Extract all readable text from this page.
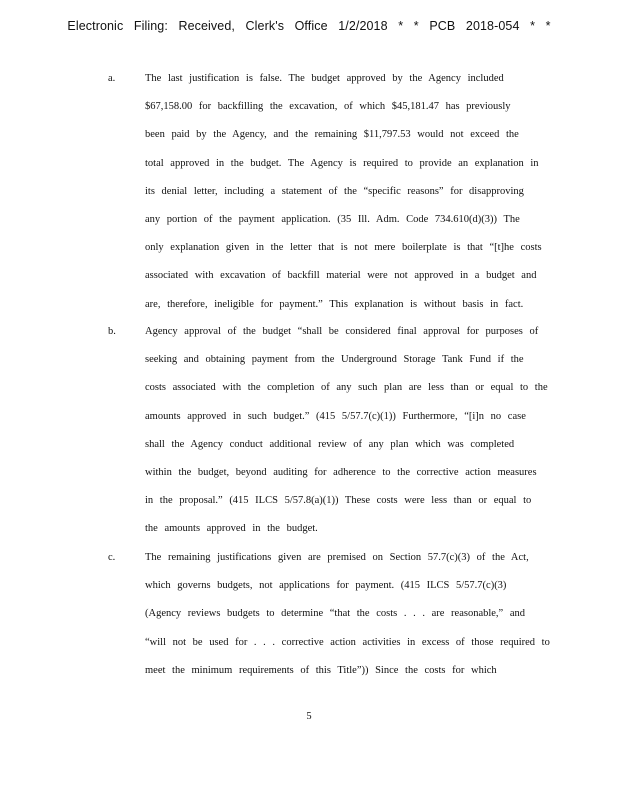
Electronic Filing: Received, Clerk's Office 1/2/2018 * * PCB 2018-054 * *
a.	The last justification is false. The budget approved by the Agency included
$67,158.00 for backfilling the excavation, of which $45,181.47 has previously
been paid by the Agency, and the remaining $11,797.53 would not exceed the
total approved in the budget. The Agency is required to provide an explanation in
its denial letter, including a statement of the “specific reasons” for disapproving
any portion of the payment application. (35 Ill. Adm. Code 734.610(d)(3)) The
only explanation given in the letter that is not mere boilerplate is that “[t]he costs
associated with excavation of backfill material were not approved in a budget and
are, therefore, ineligible for payment.” This explanation is without basis in fact.
b.	Agency approval of the budget “shall be considered final approval for purposes of
seeking and obtaining payment from the Underground Storage Tank Fund if the
costs associated with the completion of any such plan are less than or equal to the
amounts approved in such budget.” (415 5/57.7(c)(1)) Furthermore, “[i]n no case
shall the Agency conduct additional review of any plan which was completed
within the budget, beyond auditing for adherence to the corrective action measures
in the proposal.” (415 ILCS 5/57.8(a)(1)) These costs were less than or equal to
the amounts approved in the budget.
c.	The remaining justifications given are premised on Section 57.7(c)(3) of the Act,
which governs budgets, not applications for payment. (415 ILCS 5/57.7(c)(3)
(Agency reviews budgets to determine “that the costs . . . are reasonable,” and
“will not be used for . . . corrective action activities in excess of those required to
meet the minimum requirements of this Title”)) Since the costs for which
5
